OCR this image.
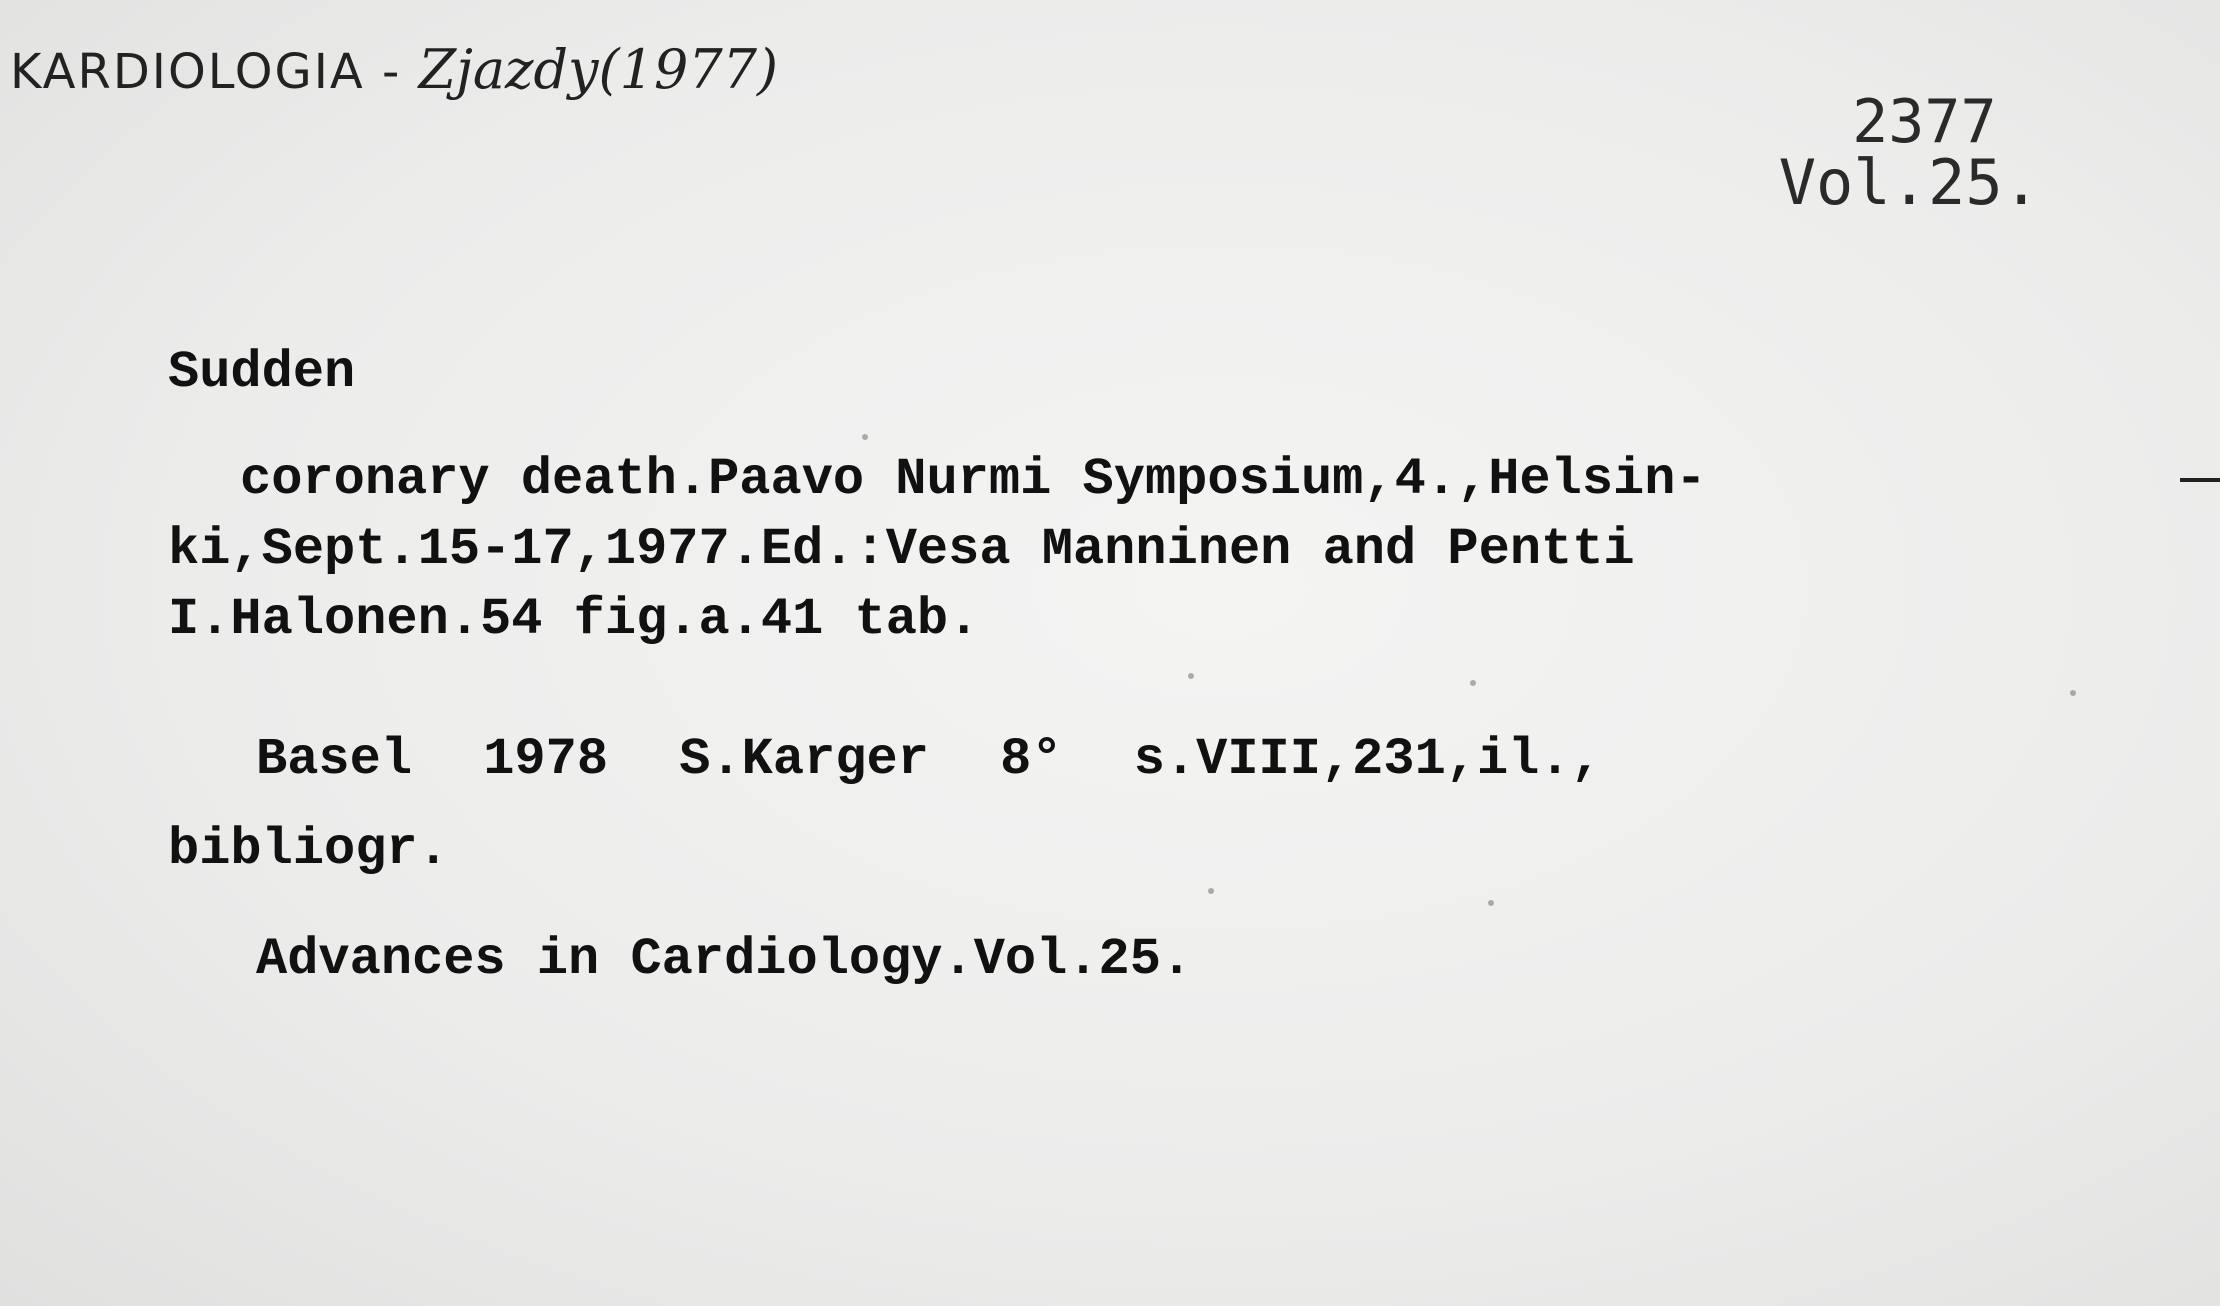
KARDIOLOGIA - Zjazdy(1977)
2377
Vol.25.
Sudden
coronary death.Paavo Nurmi Symposium,4.,Helsin-
ki,Sept.15-17,1977.Ed.:Vesa Manninen and Pentti
I.Halonen.54 fig.a.41 tab.
Basel 1978 S.Karger 8° s.VIII,231,il.,
bibliogr.
Advances in Cardiology.Vol.25.
